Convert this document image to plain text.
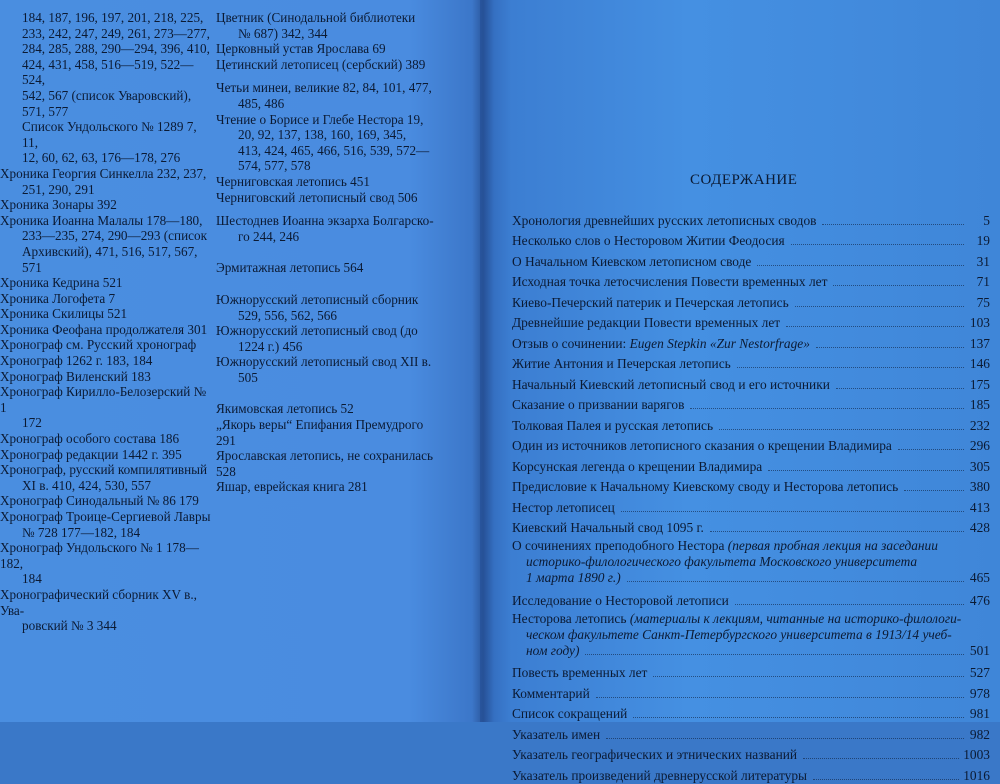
184, 187, 196, 197, 201, 218, 225,

233, 242, 247, 249, 261, 273—277,

284, 285, 288, 290—294, 396, 410,

424, 431, 458, 516—519, 522—524,

542, 567 (список Уваровский),

571, 577

Список Ундольского № 1289 7, 11,

12, 60, 62, 63, 176—178, 276

Хроника Георгия Синкелла 232, 237,

251, 290, 291

Хроника Зонары 392

Хроника Иоанна Малалы 178—180,

233—235, 274, 290—293 (список

Архивский), 471, 516, 517, 567, 571

Хроника Кедрина 521

Хроника Логофета 7

Хроника Скилицы 521

Хроника Феофана продолжателя 301

Хронограф см. Русский хронограф

Хронограф 1262 г. 183, 184

Хронограф Виленский 183

Хронограф Кирилло-Белозерский № 1

172

Хронограф особого состава 186

Хронограф редакции 1442 г. 395

Хронограф, русский компилятивный

XI в. 410, 424, 530, 557

Хронограф Синодальный № 86 179

Хронограф Троице-Сергиевой Лавры

№ 728 177—182, 184

Хронограф Ундольского № 1 178—182,

184

Хронографический сборник XV в., Ува-

ровский № 3 344

Цветник (Синодальной библиотеки

№ 687) 342, 344

Церковный устав Ярослава 69

Цетинский летописец (сербский) 389

Четьи минеи, великие 82, 84, 101, 477,

485, 486

Чтение о Борисе и Глебе Нестора 19,

20, 92, 137, 138, 160, 169, 345,

413, 424, 465, 466, 516, 539, 572—

574, 577, 578

Черниговская летопись 451

Черниговский летописный свод 506

Шестоднев Иоанна экзарха Болгарско-

го 244, 246

Эрмитажная летопись 564

Южнорусский летописный сборник

529, 556, 562, 566

Южнорусский летописный свод (до

1224 г.) 456

Южнорусский летописный свод XII в.

505

Якимовская летопись 52

„Якорь веры“ Епифания Премудрого 291

Ярославская летопись, не сохранилась 528

Яшар, еврейская книга 281

СОДЕРЖАНИЕ
Хронология древнейших русских летописных сводов	5
Несколько слов о Несторовом Житии Феодосия	19
О Начальном Киевском летописном своде	31
Исходная точка летосчисления Повести временных лет	71
Киево-Печерский патерик и Печерская летопись	75
Древнейшие редакции Повести временных лет	103
Отзыв о сочинении: Eugen Stepkin «Zur Nestorfrage»	137
Житие Антония и Печерская летопись	146
Начальный Киевский летописный свод и его источники	175
Сказание о призвании варягов	185
Толковая Палея и русская летопись	232
Один из источников летописного сказания о крещении Владимира	296
Корсунская легенда о крещении Владимира	305
Предисловие к Начальному Киевскому своду и Несторова летопись	380
Нестор летописец	413
Киевский Начальный свод 1095 г.	428
О сочинениях преподобного Нестора (первая пробная лекция на заседании
историко-филологического факультета Московского университета
1 марта 1890 г.)	465
Исследование о Несторовой летописи	476
Несторова летопись (материалы к лекциям, читанные на историко-филологи-
ческом факультете Санкт-Петербургского университета в 1913/14 учеб-
ном году)	501
Повесть временных лет	527
Комментарий	978
Список сокращений	981
Указатель имен	982
Указатель географических и этнических названий	1003
Указатель произведений древнерусской литературы	1016
